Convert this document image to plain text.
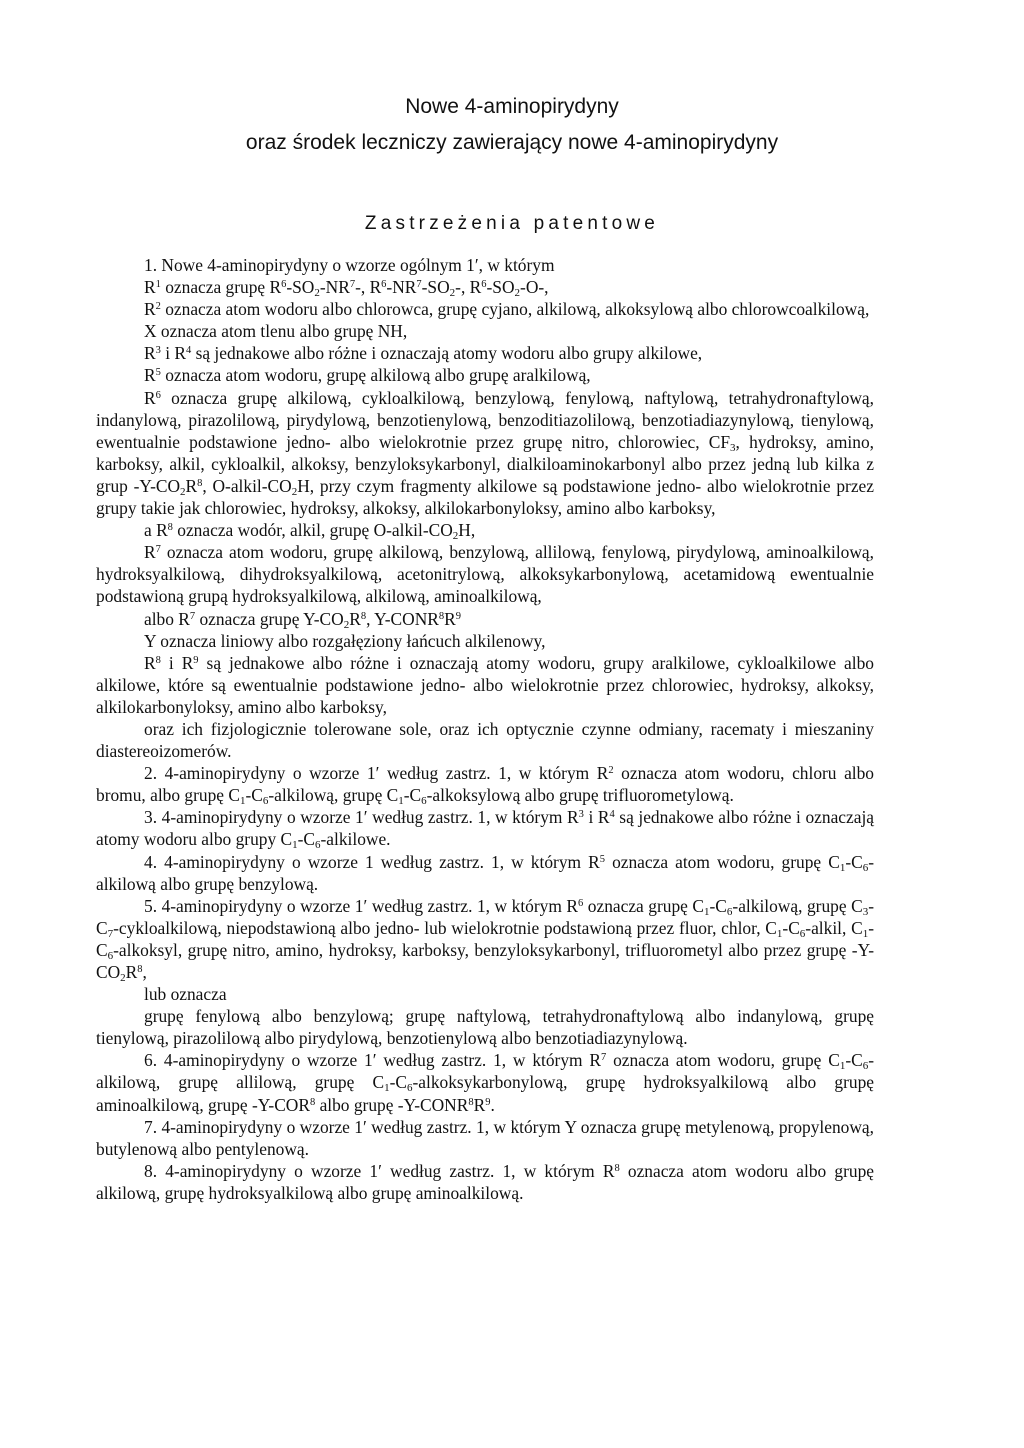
Nowe 4-aminopirydyny
oraz środek leczniczy zawierający nowe 4-aminopirydyny
Zastrzeżenia patentowe

1. Nowe 4-aminopirydyny o wzorze ogólnym 1′, w którym

$R^1$ oznacza grupę $R^6-SO_2-NR^7-$, $R^6-NR^7-SO_2-$, $R^6-SO_2-O-$,

$R^2$ oznacza atom wodoru albo chlorowca, grupę cyjano, alkilową, alkoksylową albo chlorowcoalkilową,

X oznacza atom tlenu albo grupę NH,

$R^3$ i $R^4$ są jednakowe albo różne i oznaczają atomy wodoru albo grupy alkilowe,

$R^5$ oznacza atom wodoru, grupę alkilową albo grupę aralkilową,

$R^6$ oznacza grupę alkilową, cykloalkilową, benzylową, fenylową, naftylową, tetrahydronaftylową, indanylową, pirazolilową, pirydylową, benzotienylową, benzoditiazolilową, benzotiadiazynylową, tienylową, ewentualnie podstawione jedno- albo wielokrotnie przez grupę nitro, chlorowiec, $CF_3$, hydroksy, amino, karboksy, alkil, cykloalkil, alkoksy, benzyloksykarbonyl, dialkiloaminokarbonyl albo przez jedną lub kilka z grup $-Y-CO_2R^8$, $O-alkil-CO_2H$, przy czym fragmenty alkilowe są podstawione jedno- albo wielokrotnie przez grupy takie jak chlorowiec, hydroksy, alkoksy, alkilokarbonyloksy, amino albo karboksy,

a $R^8$ oznacza wodór, alkil, grupę $O-alkil-CO_2H$,

$R^7$ oznacza atom wodoru, grupę alkilową, benzylową, allilową, fenylową, pirydylową, aminoalkilową, hydroksyalkilową, dihydroksyalkilową, acetonitrylową, alkoksykarbonylową, acetamidową ewentualnie podstawioną grupą hydroksyalkilową, alkilową, aminoalkilową,

albo $R^7$ oznacza grupę $Y-CO_2R^8$, $Y-CONR^8R^9$

Y oznacza liniowy albo rozgałęziony łańcuch alkilenowy,

$R^8$ i $R^9$ są jednakowe albo różne i oznaczają atomy wodoru, grupy aralkilowe, cykloalkilowe albo alkilowe, które są ewentualnie podstawione jedno- albo wielokrotnie przez chlorowiec, hydroksy, alkoksy, alkilokarbonyloksy, amino albo karboksy,

oraz ich fizjologicznie tolerowane sole, oraz ich optycznie czynne odmiany, racematy i mieszaniny diastereoizomerów.

2. 4-aminopirydyny o wzorze 1′ według zastrz. 1, w którym $R^2$ oznacza atom wodoru, chloru albo bromu, albo grupę $C_1-C_6$-alkilową, grupę $C_1-C_6$-alkoksylową albo grupę trifluorometylową.

3. 4-aminopirydyny o wzorze 1′ według zastrz. 1, w którym $R^3$ i $R^4$ są jednakowe albo różne i oznaczają atomy wodoru albo grupy $C_1-C_6$-alkilowe.

4. 4-aminopirydyny o wzorze 1 według zastrz. 1, w którym $R^5$ oznacza atom wodoru, grupę $C_1-C_6$-alkilową albo grupę benzylową.

5. 4-aminopirydyny o wzorze 1′ według zastrz. 1, w którym $R^6$ oznacza grupę $C_1-C_6$-alkilową, grupę $C_3-C_7$-cykloalkilową, niepodstawioną albo jedno- lub wielokrotnie podstawioną przez fluor, chlor, $C_1-C_6$-alkil, $C_1-C_6$-alkoksyl, grupę nitro, amino, hydroksy, karboksy, benzyloksykarbonyl, trifluorometyl albo przez grupę $-Y-CO_2R^8$,

lub oznacza

grupę fenylową albo benzylową; grupę naftylową, tetrahydronaftylową albo indanylową, grupę tienylową, pirazolilową albo pirydylową, benzotienylową albo benzotiadiazynylową.

6. 4-aminopirydyny o wzorze 1′ według zastrz. 1, w którym $R^7$ oznacza atom wodoru, grupę $C_1-C_6$-alkilową, grupę allilową, grupę $C_1-C_6$-alkoksykarbonylową, grupę hydroksyalkilową albo grupę aminoalkilową, grupę -Y-COR$^8$ albo grupę $-Y-CONR^8R^9$.

7. 4-aminopirydyny o wzorze 1′ według zastrz. 1, w którym Y oznacza grupę metylenową, propylenową, butylenową albo pentylenową.

8. 4-aminopirydyny o wzorze 1′ według zastrz. 1, w którym $R^8$ oznacza atom wodoru albo grupę alkilową, grupę hydroksyalkilową albo grupę aminoalkilową.
